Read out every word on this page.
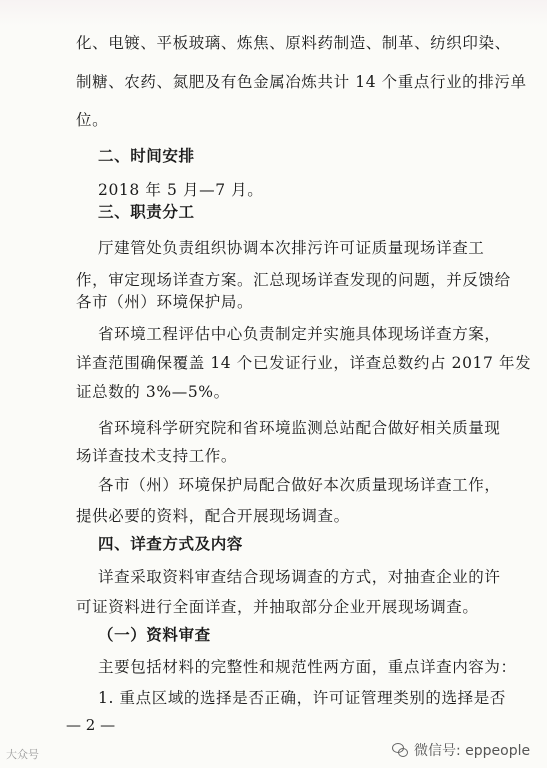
化、电镀、平板玻璃、炼焦、原料药制造、制革、纺织印染、
制糖、农药、氮肥及有色金属冶炼共计 14 个重点行业的排污单
位。
二、时间安排
2018 年 5 月—7 月。
三、职责分工
厅建管处负责组织协调本次排污许可证质量现场详查工
作，审定现场详查方案。汇总现场详查发现的问题，并反馈给
各市（州）环境保护局。
省环境工程评估中心负责制定并实施具体现场详查方案，
详查范围确保覆盖 14 个已发证行业，详查总数约占 2017 年发
证总数的 3%—5%。
省环境科学研究院和省环境监测总站配合做好相关质量现
场详查技术支持工作。
各市（州）环境保护局配合做好本次质量现场详查工作，
提供必要的资料，配合开展现场调查。
四、详查方式及内容
详查采取资料审查结合现场调查的方式，对抽查企业的许
可证资料进行全面详查，并抽取部分企业开展现场调查。
（一）资料审查
主要包括材料的完整性和规范性两方面，重点详查内容为：
1. 重点区域的选择是否正确，许可证管理类别的选择是否
— 2 —
大众号	微信号: eppeople
